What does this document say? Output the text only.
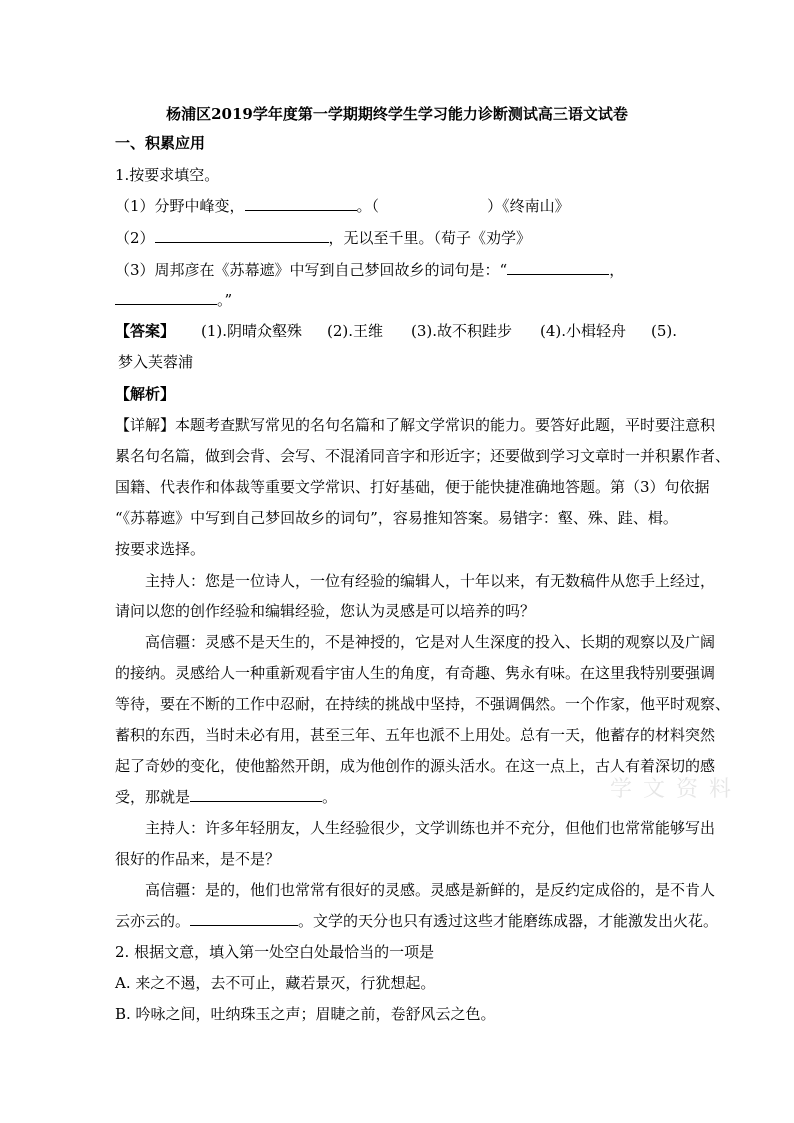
杨浦区2019学年度第一学期期终学生学习能力诊断测试高三语文试卷
一、积累应用
1.按要求填空。
（1）分野中峰变，	。（	）《终南山》
（2）	，无以至千里。（荀子《劝学》
（3）周邦彦在《苏幕遮》中写到自己梦回故乡的词句是：“	，
。”
【答案】 (1).阴晴众壑殊 (2).王维 (3).故不积跬步 (4).小楫轻舟 (5).
梦入芙蓉浦
【解析】
【详解】本题考查默写常见的名句名篇和了解文学常识的能力。要答好此题，平时要注意积
累名句名篇，做到会背、会写、不混淆同音字和形近字；还要做到学习文章时一并积累作者、
国籍、代表作和体裁等重要文学常识、打好基础，便于能快捷准确地答题。第（3）句依据
“《苏幕遮》中写到自己梦回故乡的词句”，容易推知答案。易错字：壑、殊、跬、楫。
按要求选择。
主持人：您是一位诗人，一位有经验的编辑人，十年以来，有无数稿件从您手上经过，
请问以您的创作经验和编辑经验，您认为灵感是可以培养的吗？
高信疆：灵感不是天生的，不是神授的，它是对人生深度的投入、长期的观察以及广阔
的接纳。灵感给人一种重新观看宇宙人生的角度，有奇趣、隽永有味。在这里我特别要强调
等待，要在不断的工作中忍耐，在持续的挑战中坚持，不强调偶然。一个作家，他平时观察、
蓄积的东西，当时未必有用，甚至三年、五年也派不上用处。总有一天，他蓄存的材料突然
起了奇妙的变化，使他豁然开朗，成为他创作的源头活水。在这一点上，古人有着深切的感
受，那就是	。
主持人：许多年轻朋友，人生经验很少，文学训练也并不充分，但他们也常常能够写出
很好的作品来，是不是？
高信疆：是的，他们也常常有很好的灵感。灵感是新鲜的，是反约定成俗的，是不肯人
云亦云的。	。文学的天分也只有透过这些才能磨练成器，才能激发出火花。
2. 根据文意，填入第一处空白处最恰当的一项是
A. 来之不遏，去不可止，藏若景灭，行犹想起。
B. 吟咏之间，吐纳珠玉之声；眉睫之前，卷舒风云之色。
学 文 资 料
